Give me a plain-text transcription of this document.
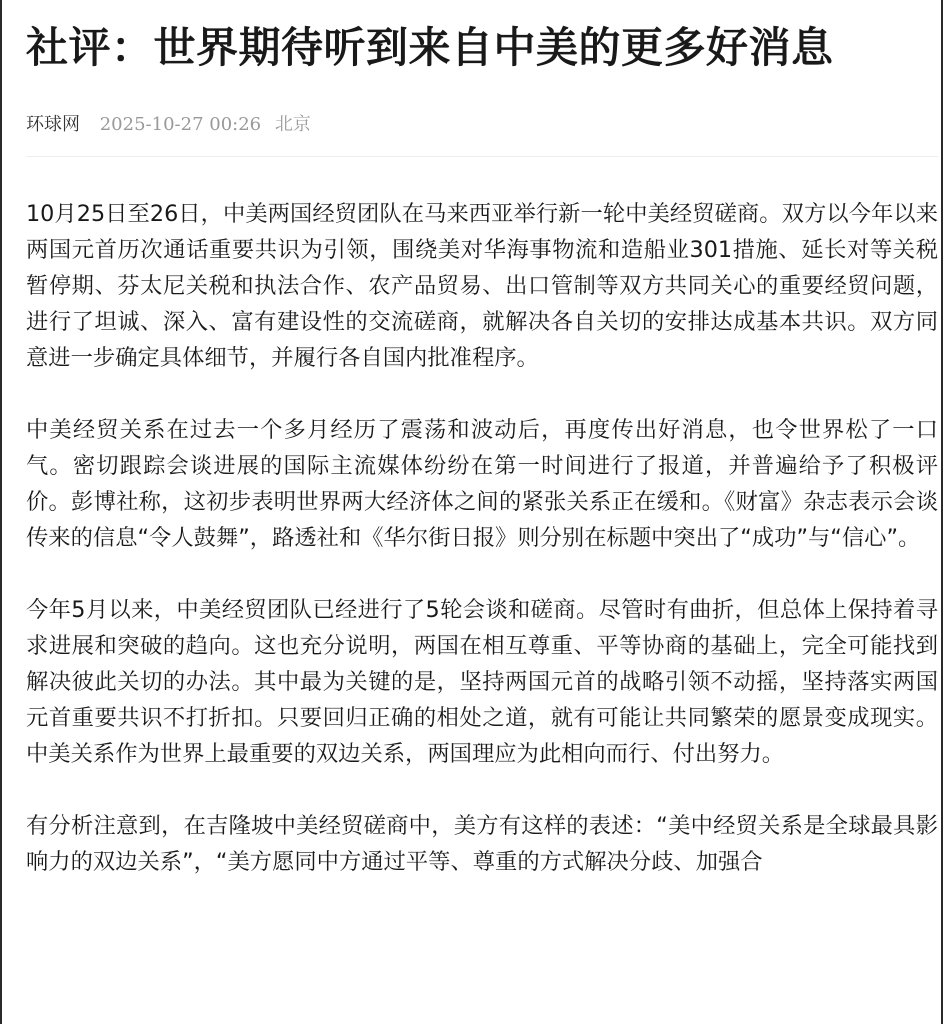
社评：世界期待听到来自中美的更多好消息
环球网 2025-10-27 00:26 北京

10月25日至26日，中美两国经贸团队在马来西亚举行新一轮中美经贸磋商。双方以今年以来两国元首历次通话重要共识为引领，围绕美对华海事物流和造船业301措施、延长对等关税暂停期、芬太尼关税和执法合作、农产品贸易、出口管制等双方共同关心的重要经贸问题，进行了坦诚、深入、富有建设性的交流磋商，就解决各自关切的安排达成基本共识。双方同意进一步确定具体细节，并履行各自国内批准程序。

中美经贸关系在过去一个多月经历了震荡和波动后，再度传出好消息，也令世界松了一口气。密切跟踪会谈进展的国际主流媒体纷纷在第一时间进行了报道，并普遍给予了积极评价。彭博社称，这初步表明世界两大经济体之间的紧张关系正在缓和。《财富》杂志表示会谈传来的信息“令人鼓舞”，路透社和《华尔街日报》则分别在标题中突出了“成功”与“信心”。

今年5月以来，中美经贸团队已经进行了5轮会谈和磋商。尽管时有曲折，但总体上保持着寻求进展和突破的趋向。这也充分说明，两国在相互尊重、平等协商的基础上，完全可能找到解决彼此关切的办法。其中最为关键的是，坚持两国元首的战略引领不动摇，坚持落实两国元首重要共识不打折扣。只要回归正确的相处之道，就有可能让共同繁荣的愿景变成现实。中美关系作为世界上最重要的双边关系，两国理应为此相向而行、付出努力。

有分析注意到，在吉隆坡中美经贸磋商中，美方有这样的表述：“美中经贸关系是全球最具影响力的双边关系”，“美方愿同中方通过平等、尊重的方式解决分歧、加强合
